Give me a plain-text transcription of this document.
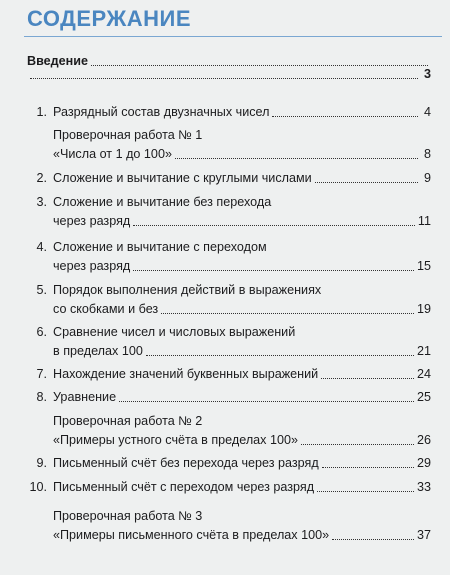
СОДЕРЖАНИЕ
Введение
3
1. Разрядный состав двузначных чисел	4
Проверочная работа № 1
«Числа от 1 до 100»	8
2. Сложение и вычитание с круглыми числами	9
3. Сложение и вычитание без перехода
через разряд	11
4. Сложение и вычитание с переходом
через разряд	15
5. Порядок выполнения действий в выражениях
со скобками и без	19
6. Сравнение чисел и числовых выражений
в пределах 100	21
7. Нахождение значений буквенных выражений	24
8. Уравнение	25
Проверочная работа № 2
«Примеры устного счёта в пределах 100»	26
9. Письменный счёт без перехода через разряд	29
10. Письменный счёт с переходом через разряд	33
Проверочная работа № 3
«Примеры письменного счёта в пределах 100»	37
